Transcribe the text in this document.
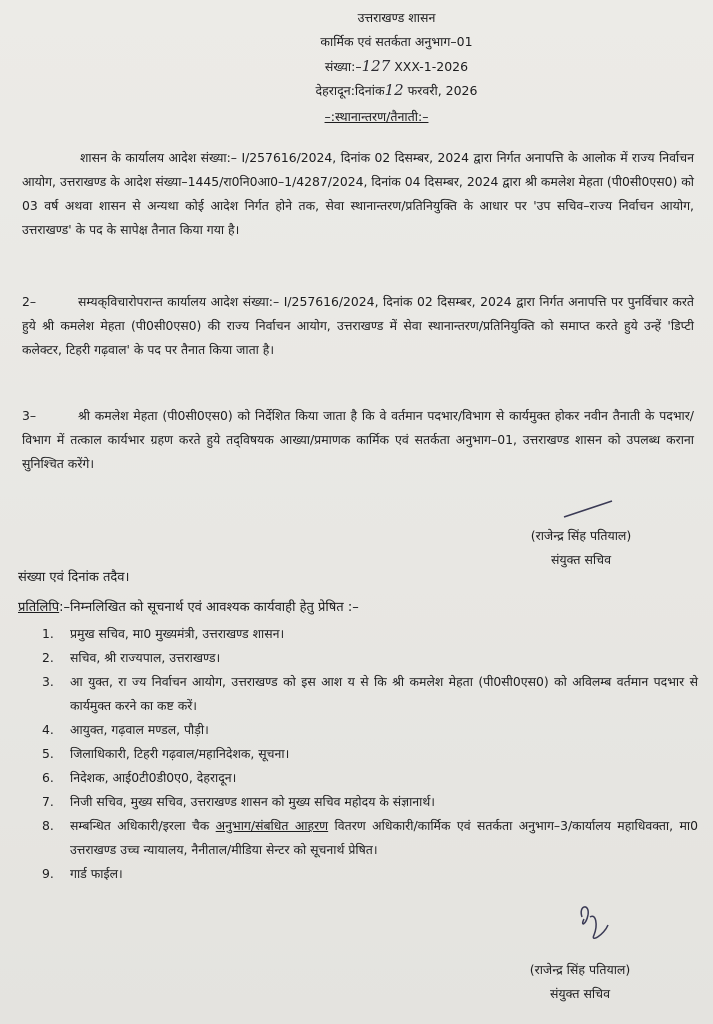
उत्तराखण्ड शासन
कार्मिक एवं सतर्कता अनुभाग–01
संख्या:–127 XXX-1-2026
देहरादून:दिनांक12 फरवरी, 2026
–:स्थानान्तरण/तैनाती:–
शासन के कार्यालय आदेश संख्या:– I/257616/2024, दिनांक 02 दिसम्बर, 2024 द्वारा निर्गत अनापत्ति के आलोक में राज्य निर्वाचन आयोग, उत्तराखण्ड के आदेश संख्या–1445/रा0नि0आ0–1/4287/2024, दिनांक 04 दिसम्बर, 2024 द्वारा श्री कमलेश मेहता (पी0सी0एस0) को 03 वर्ष अथवा शासन से अन्यथा कोई आदेश निर्गत होने तक, सेवा स्थानान्तरण/प्रतिनियुक्ति के आधार पर 'उप सचिव–राज्य निर्वाचन आयोग, उत्तराखण्ड' के पद के सापेक्ष तैनात किया गया है।
2–	सम्यक्‌विचारोपरान्त कार्यालय आदेश संख्या:– I/257616/2024, दिनांक 02 दिसम्बर, 2024 द्वारा निर्गत अनापत्ति पर पुनर्विचार करते हुये श्री कमलेश मेहता (पी0सी0एस0) की राज्य निर्वाचन आयोग, उत्तराखण्ड में सेवा स्थानान्तरण/प्रतिनियुक्ति को समाप्त करते हुये उन्हें 'डिप्टी कलेक्टर, टिहरी गढ़वाल' के पद पर तैनात किया जाता है।
3–	श्री कमलेश मेहता (पी0सी0एस0) को निर्देशित किया जाता है कि वे वर्तमान पदभार/विभाग से कार्यमुक्त होकर नवीन तैनाती के पदभार/विभाग में तत्काल कार्यभार ग्रहण करते हुये तद्‌विषयक आख्या/प्रमाणक कार्मिक एवं सतर्कता अनुभाग–01, उत्तराखण्ड शासन को उपलब्ध कराना सुनिश्चित करेंगे।
(राजेन्द्र सिंह पतियाल)
संयुक्त सचिव
संख्या एवं दिनांक तदैव।
प्रतिलिपि:–निम्नलिखित को सूचनार्थ एवं आवश्यक कार्यवाही हेतु प्रेषित :–
1. प्रमुख सचिव, मा0 मुख्यमंत्री, उत्तराखण्ड शासन।
2. सचिव, श्री राज्यपाल, उत्तराखण्ड।
3. आ युक्त, रा ज्य निर्वाचन आयोग, उत्तराखण्ड को इस आश य से कि श्री कमलेश मेहता (पी0सी0एस0) को अविलम्ब वर्तमान पदभार से कार्यमुक्त करने का कष्ट करें।
4. आयुक्त, गढ़वाल मण्डल, पौड़ी।
5. जिलाधिकारी, टिहरी गढ़वाल/महानिदेशक, सूचना।
6. निदेशक, आई0टी0डी0ए0, देहरादून।
7. निजी सचिव, मुख्य सचिव, उत्तराखण्ड शासन को मुख्य सचिव महोदय के संज्ञानार्थ।
8. सम्बन्धित अधिकारी/इरला चैक अनुभाग/संबधित आहरण वितरण अधिकारी/कार्मिक एवं सतर्कता अनुभाग–3/कार्यालय महाधिवक्ता, मा0 उत्तराखण्ड उच्च न्यायालय, नैनीताल/मीडिया सेन्टर को सूचनार्थ प्रेषित।
9. गार्ड फाईल।
(राजेन्द्र सिंह पतियाल)
संयुक्त सचिव
